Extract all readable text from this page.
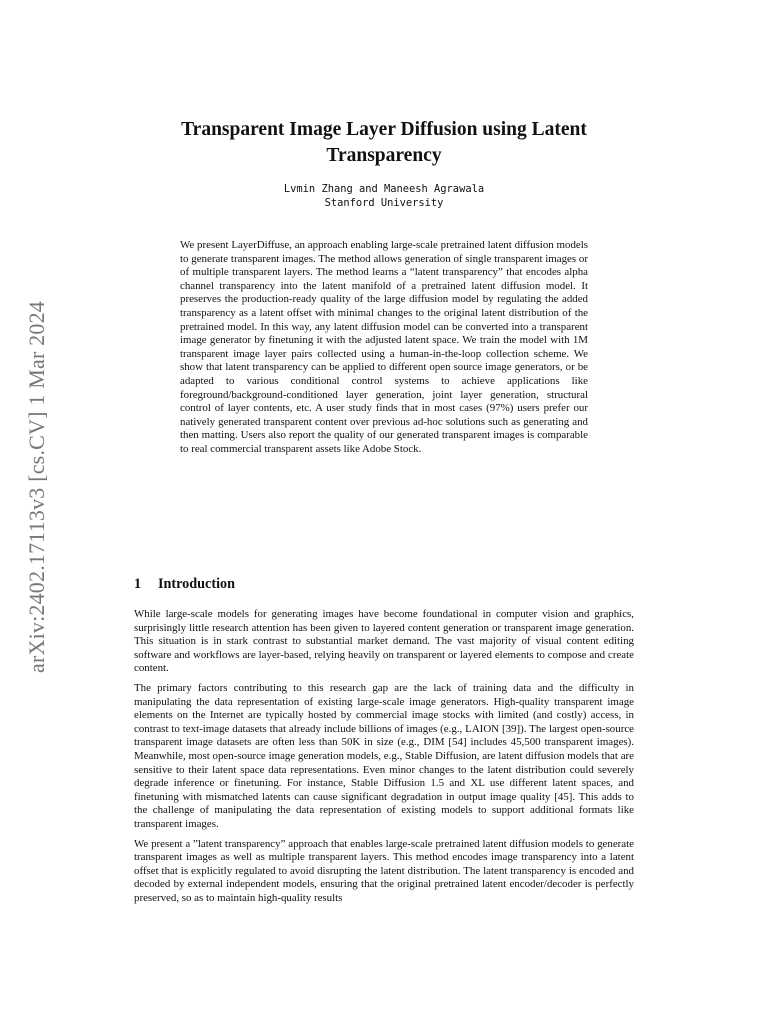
arXiv:2402.17113v3 [cs.CV] 1 Mar 2024
Transparent Image Layer Diffusion using Latent Transparency
Lvmin Zhang and Maneesh Agrawala
Stanford University

We present LayerDiffuse, an approach enabling large-scale pretrained latent diffusion models to generate transparent images. The method allows generation of single transparent images or of multiple transparent layers. The method learns a “latent transparency” that encodes alpha channel transparency into the latent manifold of a pretrained latent diffusion model. It preserves the production-ready quality of the large diffusion model by regulating the added transparency as a latent offset with minimal changes to the original latent distribution of the pretrained model. In this way, any latent diffusion model can be converted into a transparent image generator by finetuning it with the adjusted latent space. We train the model with 1M transparent image layer pairs collected using a human-in-the-loop collection scheme. We show that latent transparency can be applied to different open source image generators, or be adapted to various conditional control systems to achieve applications like foreground/background-conditioned layer generation, joint layer generation, structural control of layer contents, etc. A user study finds that in most cases (97%) users prefer our natively generated transparent content over previous ad-hoc solutions such as generating and then matting. Users also report the quality of our generated transparent images is comparable to real commercial transparent assets like Adobe Stock.

1 Introduction

While large-scale models for generating images have become foundational in computer vision and graphics, surprisingly little research attention has been given to layered content generation or transparent image generation. This situation is in stark contrast to substantial market demand. The vast majority of visual content editing software and workflows are layer-based, relying heavily on transparent or layered elements to compose and create content.

The primary factors contributing to this research gap are the lack of training data and the difficulty in manipulating the data representation of existing large-scale image generators. High-quality transparent image elements on the Internet are typically hosted by commercial image stocks with limited (and costly) access, in contrast to text-image datasets that already include billions of images (e.g., LAION [39]). The largest open-source transparent image datasets are often less than 50K in size (e.g., DIM [54] includes 45,500 transparent images). Meanwhile, most open-source image generation models, e.g., Stable Diffusion, are latent diffusion models that are sensitive to their latent space data representations. Even minor changes to the latent distribution could severely degrade inference or finetuning. For instance, Stable Diffusion 1.5 and XL use different latent spaces, and finetuning with mismatched latents can cause significant degradation in output image quality [45]. This adds to the challenge of manipulating the data representation of existing models to support additional formats like transparent images.

We present a ”latent transparency” approach that enables large-scale pretrained latent diffusion models to generate transparent images as well as multiple transparent layers. This method encodes image transparency into a latent offset that is explicitly regulated to avoid disrupting the latent distribution. The latent transparency is encoded and decoded by external independent models, ensuring that the original pretrained latent encoder/decoder is perfectly preserved, so as to maintain high-quality results
